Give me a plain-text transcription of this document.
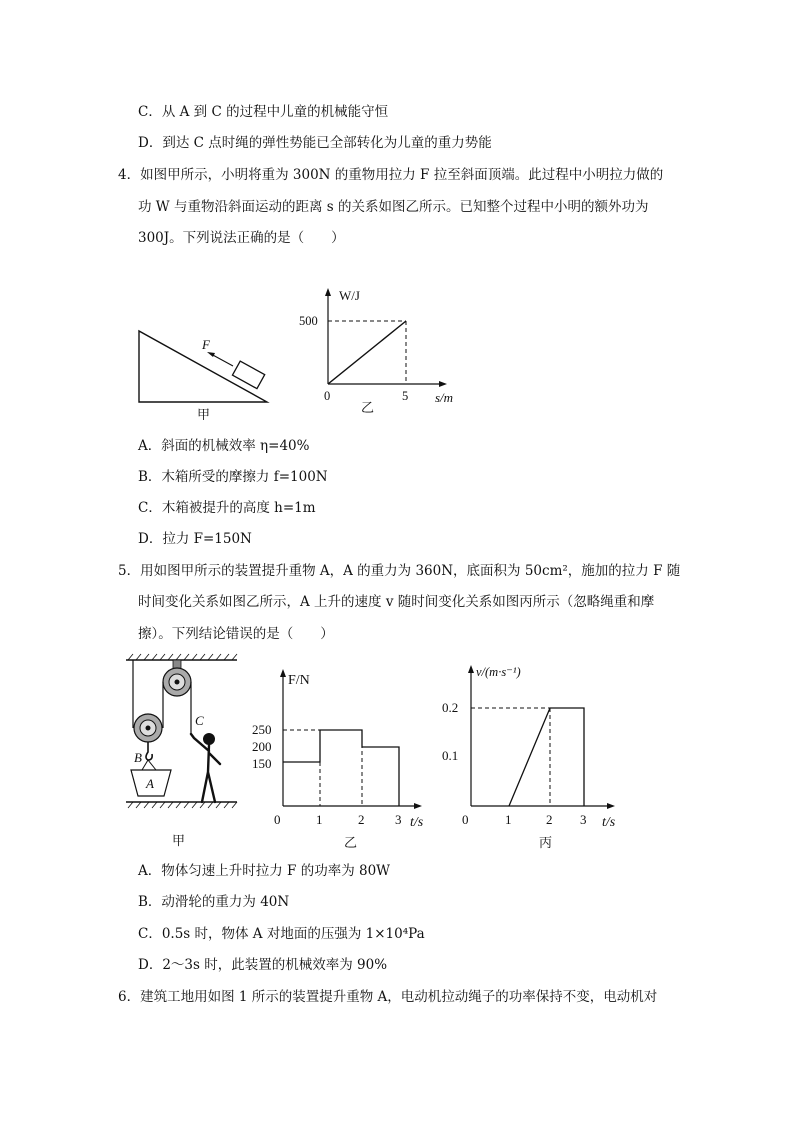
C．从 A 到 C 的过程中儿童的机械能守恒
D．到达 C 点时绳的弹性势能已全部转化为儿童的重力势能
4．如图甲所示，小明将重为 300N 的重物用拉力 F 拉至斜面顶端。此过程中小明拉力做的
功 W 与重物沿斜面运动的距离 s 的关系如图乙所示。已知整个过程中小明的额外功为
300J。下列说法正确的是（　　）
F
甲
W/J
500
0	5 s/m
乙
A．斜面的机械效率 η=40%
B．木箱所受的摩擦力 f=100N
C．木箱被提升的高度 h=1m
D．拉力 F=150N
5．用如图甲所示的装置提升重物 A，A 的重力为 360N，底面积为 50cm²，施加的拉力 F 随
时间变化关系如图乙所示，A 上升的速度 v 随时间变化关系如图丙所示（忽略绳重和摩
擦）。下列结论错误的是（　　）
A
B
C
甲
F/N
250
200
150
0	1	2 3 t/s
乙
v/(m·s⁻¹)
0.2
0.1
0	1	2 3 t/s
丙
A．物体匀速上升时拉力 F 的功率为 80W
B．动滑轮的重力为 40N
C．0.5s 时，物体 A 对地面的压强为 1×10⁴Pa
D．2～3s 时，此装置的机械效率为 90%
6．建筑工地用如图 1 所示的装置提升重物 A，电动机拉动绳子的功率保持不变，电动机对
